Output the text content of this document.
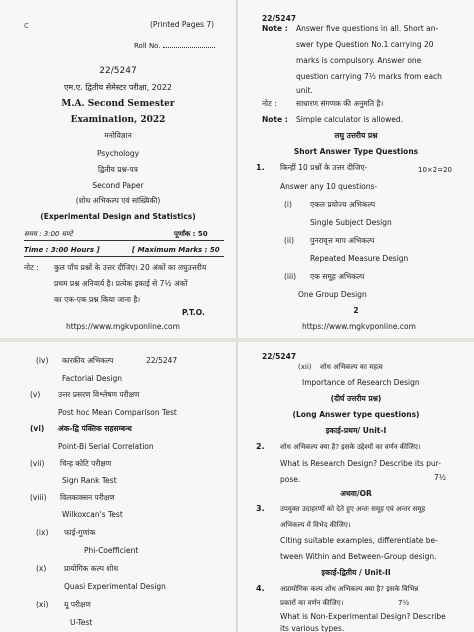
C	(Printed Pages 7)
Roll No.
22/5247
एम.ए. द्वितीय सेमेस्टर परीक्षा, 2022
M.A. Second Semester
Examination, 2022
मनोविज्ञान
Psychology
द्वितीय प्रश्न-पत्र
Second Paper
(शोध अभिकल्प एवं सांख्यिकी)
(Experimental Design and Statistics)
समय : 3:00 घण्टे	पूर्णांक : 50
Time : 3:00 Hours ]	[ Maximum Marks : 50
नोट : कुल पाँच प्रश्नों के उत्तर दीजिए। 20 अंकों का लघुउत्तरीय
प्रथम प्रश्न अनिवार्य है। प्रत्येक इकाई से 7½ अंकों
का एक-एक प्रश्न किया जाना है।
P.T.O.
https://www.mgkvponline.com
22/5247
Note : Answer five questions in all. Short an-
swer type Question No.1 carrying 20
marks is compulsory. Answer one
question carrying 7½ marks from each
unit.
नोट :	साधारण संगणक की अनुमति है।
Note : Simple calculator is allowed.
लघु उत्तरीय प्रश्न
Short Answer Type Questions
1. किन्हीं 10 प्रश्नों के उत्तर दीजिए-	10×2=20
Answer any 10 questions-
(i) एकल प्रयोज्य अभिकल्प
Single Subject Design
(ii) पुनरावृत्त माप अभिकल्प
Repeated Measure Design
(iii) एक समूह अभिकल्प
One Group Design
2
https://www.mgkvponline.com
22/5247
(iv) कारकीय अभिकल्प
Factorial Design
(v) उत्तर प्रसरण विश्लेषण परीक्षण
Post hoc Mean Comparison Test
(vi) अंक-द्वि पंक्तिक सहसम्बन्ध
Point-Bi Serial Correlation
(vii) चिन्ह कोटि परीक्षण
Sign Rank Test
(viii) विलकाक्सन परीक्षण
Wilkoxcan's Test
(ix) फाई-गुणांक
Phi-Coefficient
(x) प्रायोगिक कल्प शोध
Quasi Experimental Design
(xi) यू परीक्षण
U-Test
22/5247
(xii) शोध अभिकल्प का महत्व
Importance of Research Design
(दीर्घ उत्तरीय प्रश्न)
(Long Answer type questions)
इकाई-प्रथम/ Unit-I
2. शोध अभिकल्प क्या है? इसके उद्देश्यों का वर्णन कीजिए।
What is Research Design? Describe its pur-
pose.	7½
अथवा/OR
3. उपयुक्त उदाहरणों को देते हुए अन्तः समूह एवं अन्तर समूह
अभिकल्प में विभेद कीजिए।
Citing suitable examples, differentiate be-
tween Within and Between-Group design.
इकाई-द्वितीय / Unit-II
4. अप्रायोगिक कल्प शोध अभिकल्प क्या है? इसके विभिन्न
प्रकारों का वर्णन कीजिए।	7½
What is Non-Experimental Design? Describe
its various types.
